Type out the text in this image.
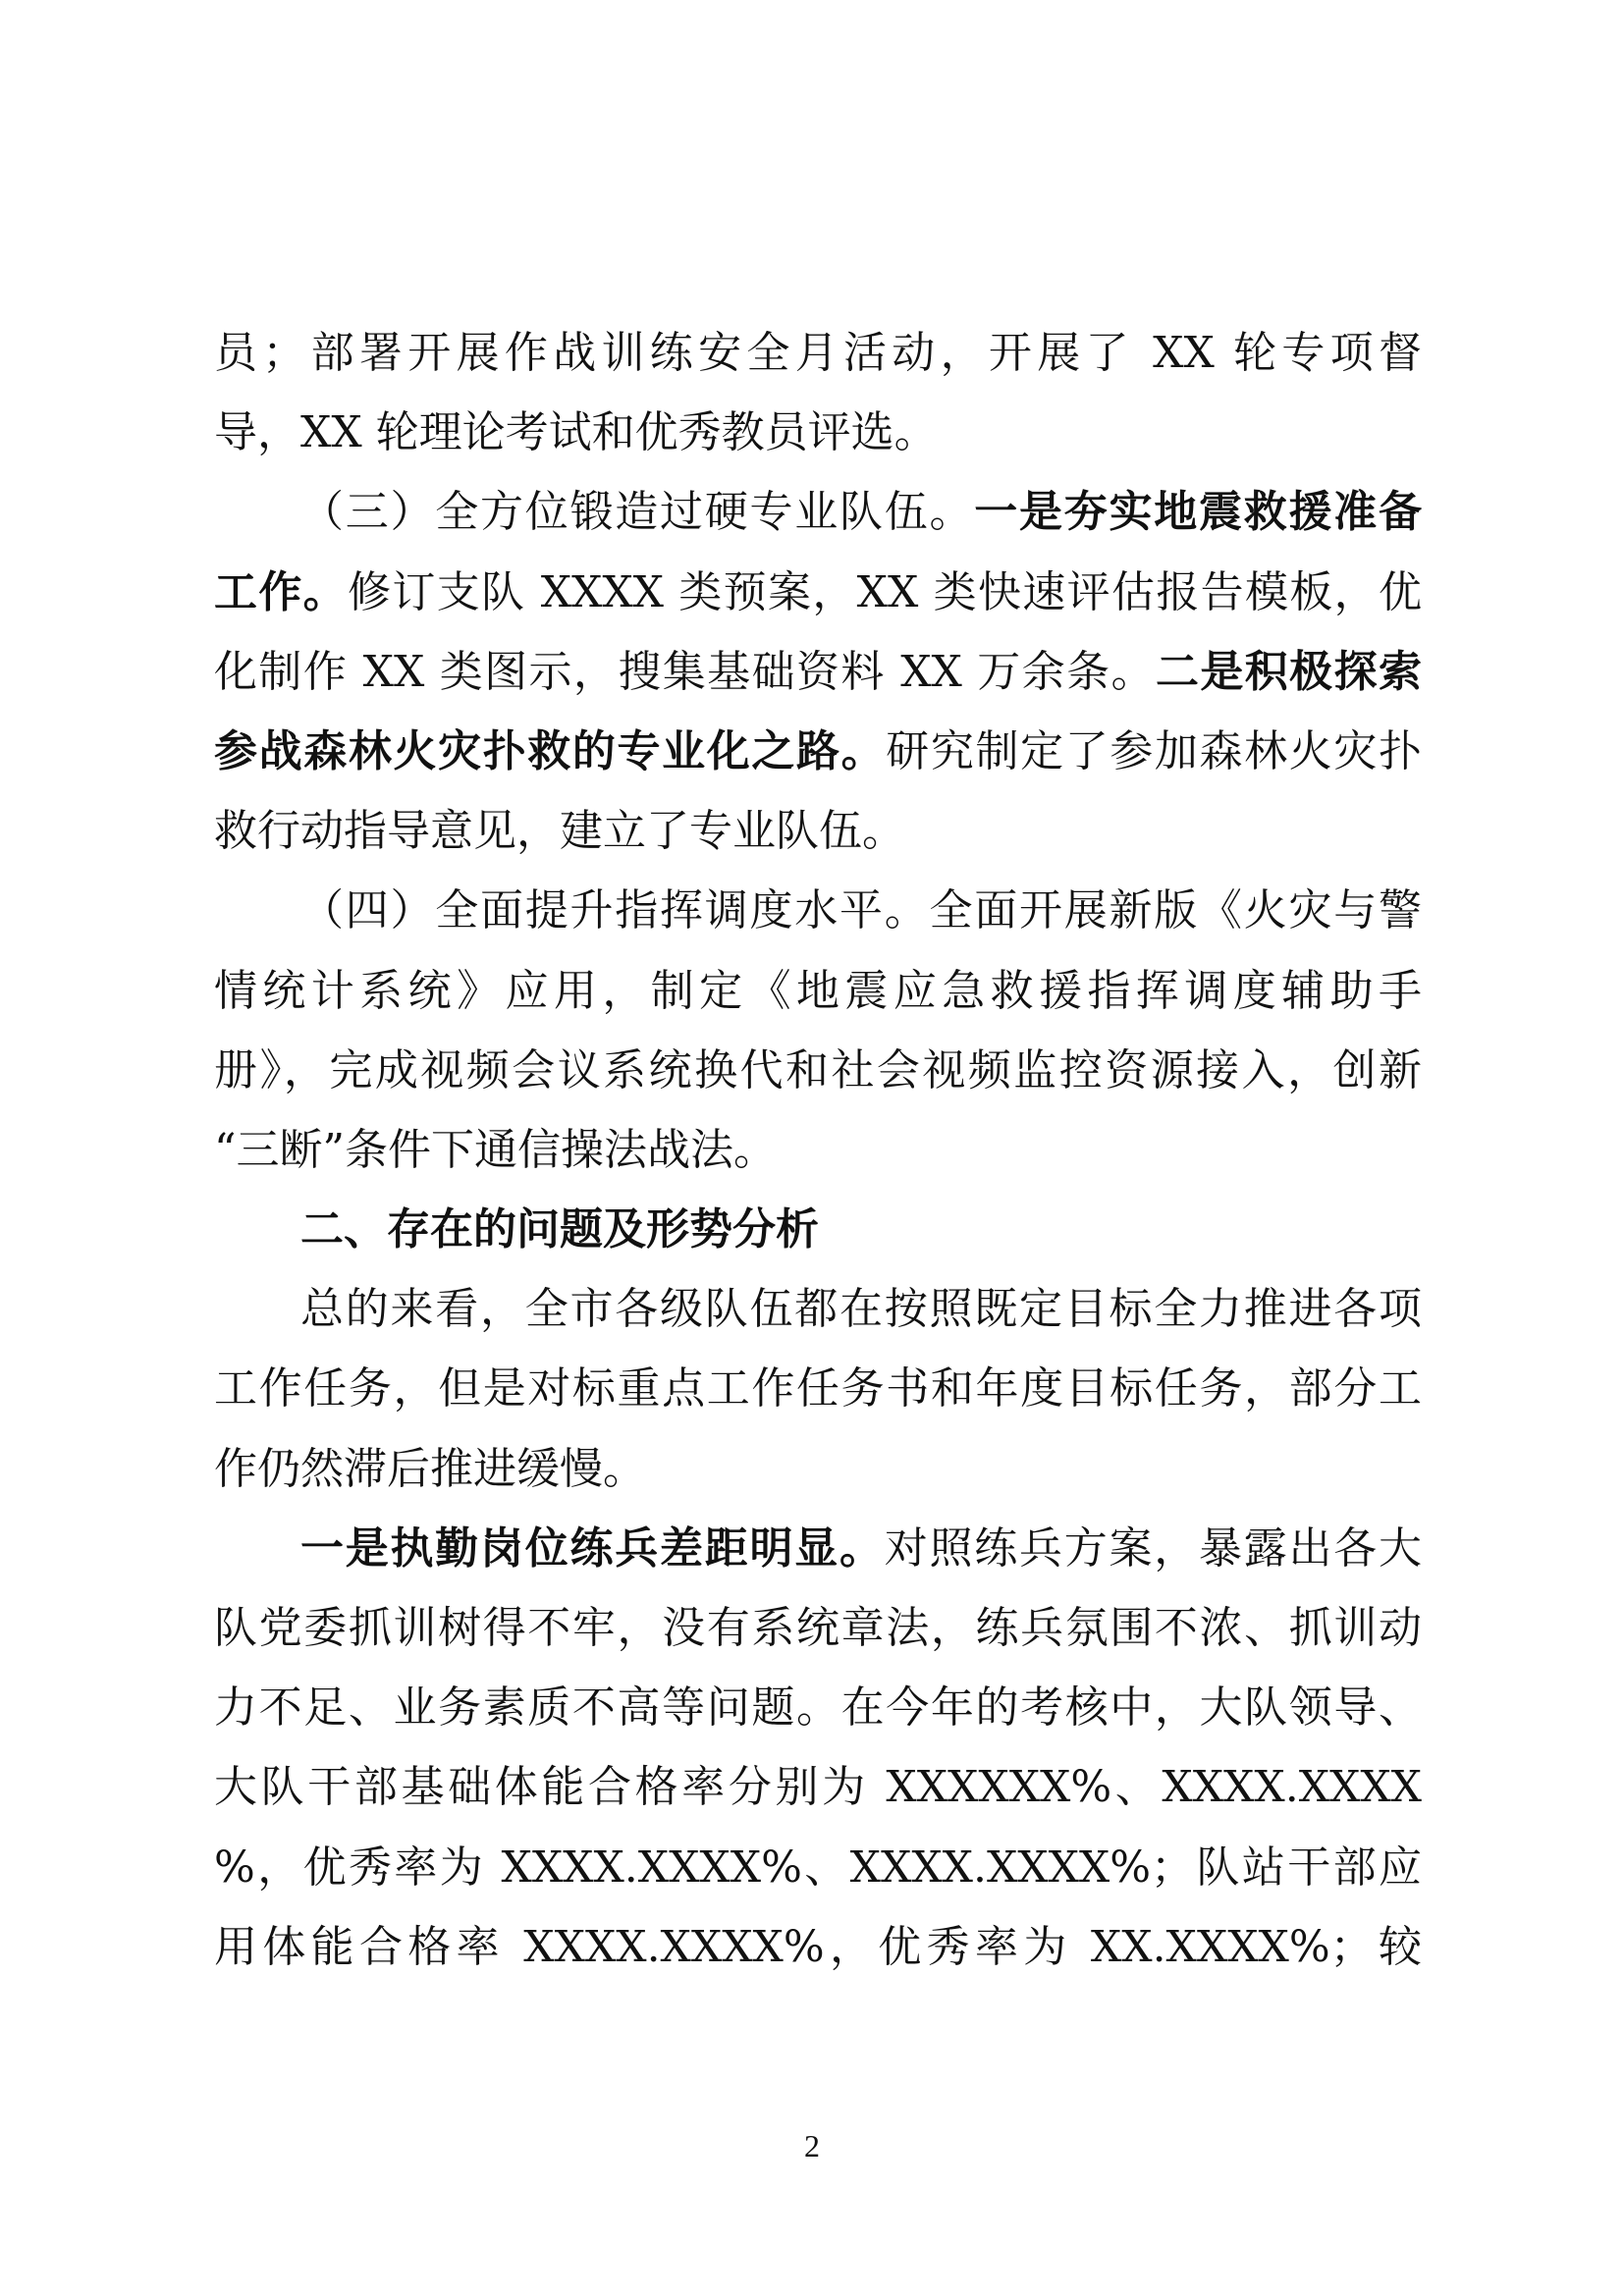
员；部署开展作战训练安全月活动，开展了 XX 轮专项督
导，XX 轮理论考试和优秀教员评选。
（三）全方位锻造过硬专业队伍。一是夯实地震救援准备
工作。修订支队 XXXX 类预案，XX 类快速评估报告模板，优
化制作 XX 类图示，搜集基础资料 XX 万余条。二是积极探索
参战森林火灾扑救的专业化之路。研究制定了参加森林火灾扑
救行动指导意见，建立了专业队伍。
（四）全面提升指挥调度水平。全面开展新版《火灾与警
情统计系统》应用，制定《地震应急救援指挥调度辅助手
册》，完成视频会议系统换代和社会视频监控资源接入，创新
“三断”条件下通信操法战法。
二、存在的问题及形势分析
总的来看，全市各级队伍都在按照既定目标全力推进各项
工作任务，但是对标重点工作任务书和年度目标任务，部分工
作仍然滞后推进缓慢。
一是执勤岗位练兵差距明显。对照练兵方案，暴露出各大
队党委抓训树得不牢，没有系统章法，练兵氛围不浓、抓训动
力不足、业务素质不高等问题。在今年的考核中，大队领导、
大队干部基础体能合格率分别为 XXXXXX%、XXXX.XXXX
%，优秀率为 XXXX.XXXX%、XXXX.XXXX%；队站干部应
用体能合格率 XXXX.XXXX%，优秀率为 XX.XXXX%；较
2
